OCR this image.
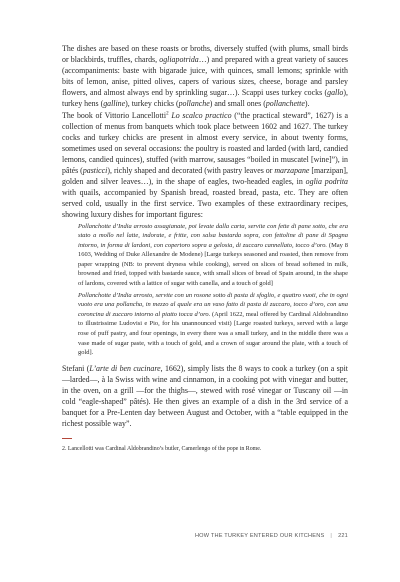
The dishes are based on these roasts or broths, diversely stuffed (with plums, small birds or blackbirds, truffles, chards, ogliapotrida…) and prepared with a great variety of sauces (accompaniments: baste with bigarade juice, with quinces, small lemons; sprinkle with bits of lemon, anise, pitted olives, capers of various sizes, cheese, borage and parsley flowers, and almost always end by sprinkling sugar…). Scappi uses turkey cocks (gallo), turkey hens (galline), turkey chicks (pollanche) and small ones (pollanchette).

The book of Vittorio Lancellotti$^2$ Lo scalco practico (“the practical steward”, 1627) is a collection of menus from banquets which took place between 1602 and 1627. The turkey cocks and turkey chicks are present in almost every service, in about twenty forms, sometimes used on several occasions: the poultry is roasted and larded (with lard, candied lemons, candied quinces), stuffed (with marrow, sausages “boiled in muscatel [wine]”), in pâtés (pasticci), richly shaped and decorated (with pastry leaves or marzapane [marzipan], golden and silver leaves…), in the shape of eagles, two-headed eagles, in oglia podrita with quails, accompanied by Spanish bread, roasted bread, pasta, etc. They are often served cold, usually in the first service. Two examples of these extraordinary recipes, showing luxury dishes for important figures:

Pollanchotte d’India arrosto assagianate, poi levate dalla carta, servite con fette di pane sotto, che era stato a mollo nel latte, indorate, e fritte, con salsa bastarda sopra, con fettoline di pane di Spagna intorno, in forma di lardoni, con copertoro sopra a gelosia, di zuccaro cannellato, tocco d’oro. (May 8 1603, Wedding of Duke Allexandre de Modene) [Large turkeys seasoned and roasted, then remove from paper wrapping (NB: to prevent dryness while cooking), served on slices of bread softened in milk, browned and fried, topped with bastarde sauce, with small slices of bread of Spain around, in the shape of lardons, covered with a lattice of sugar with canella, and a touch of gold]

Pollanchotte d’India arrosto, servite con un rosone sotto di pasta di sfoglio, e quattro vuoti, che in ogni vuoto era una pollancha, in mezzo al quale era un vaso fatto di pasta di zuccaro, tocco d’oro, con una coroncina di zuccaro intorno al piatto tocca d’oro. (April 1622, meal offered by Cardinal Aldobrandino to illustrissime Ludovisi e Pio, for his unannounced visit) [Large roasted turkeys, served with a large rose of puff pastry, and four openings, in every there was a small turkey, and in the middle there was a vase made of sugar paste, with a touch of gold, and a crown of sugar around the plate, with a touch of gold].

Stefani (L’arte di ben cucinare, 1662), simply lists the 8 ways to cook a turkey (on a spit —larded—, à la Swiss with wine and cinnamon, in a cooking pot with vinegar and butter, in the oven, on a grill —for the thighs—, stewed with rosé vinegar or Tuscany oil —in cold “eagle-shaped” pâtés). He then gives an example of a dish in the 3rd service of a banquet for a Pre-Lenten day between August and October, with a “table equipped in the richest possible way”.

2. Lancellotti was Cardinal Aldobrandino’s butler, Camerlengo of the pope in Rome.
HOW THE TURKEY ENTERED OUR KITCHENS | 221
